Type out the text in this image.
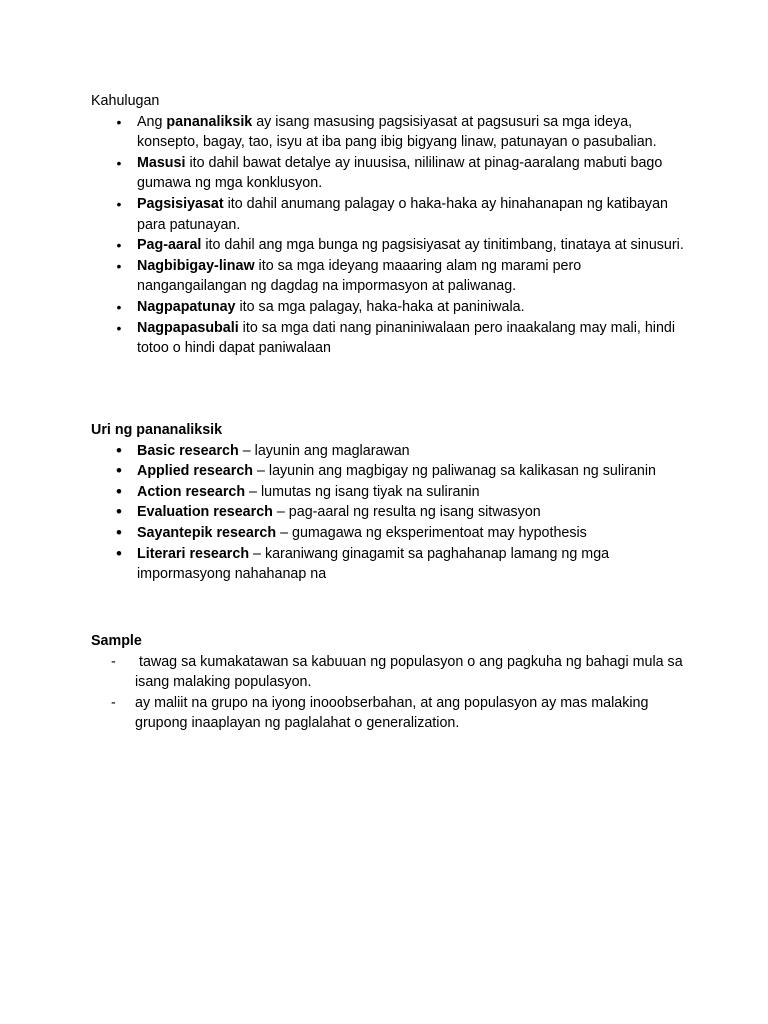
Kahulugan
•	Ang pananaliksik ay isang masusing pagsisiyasat at pagsusuri sa mga ideya, konsepto, bagay, tao, isyu at iba pang ibig bigyang linaw, patunayan o pasubalian.
•	Masusi ito dahil bawat detalye ay inuusisa, nililinaw at pinag-aaralang mabuti bago gumawa ng mga konklusyon.
•	Pagsisiyasat ito dahil anumang palagay o haka-haka ay hinahanapan ng katibayan para patunayan.
•	Pag-aaral ito dahil ang mga bunga ng pagsisiyasat ay tinitimbang, tinataya at sinusuri.
•	Nagbibigay-linaw ito sa mga ideyang maaaring alam ng marami pero nangangailangan ng dagdag na impormasyon at paliwanag.
•	Nagpapatunay ito sa mga palagay, haka-haka at paniniwala.
•	Nagpapasubali ito sa mga dati nang pinaniniwalaan pero inaakalang may mali, hindi totoo o hindi dapat paniwalaan
Uri ng pananaliksik
• Basic research – layunin ang maglarawan
• Applied research – layunin ang magbigay ng paliwanag sa kalikasan ng suliranin
• Action research – lumutas ng isang tiyak na suliranin
• Evaluation research – pag-aaral ng resulta ng isang sitwasyon
• Sayantepik research – gumagawa ng eksperimentoat may hypothesis
• Literari research – karaniwang ginagamit sa paghahanap lamang ng mga impormasyong nahahanap na
Sample
-	tawag sa kumakatawan sa kabuuan ng populasyon o ang pagkuha ng bahagi mula sa isang malaking populasyon.
-	ay maliit na grupo na iyong inooobserbahan, at ang populasyon ay mas malaking grupong inaaplayan ng paglalahat o generalization.
